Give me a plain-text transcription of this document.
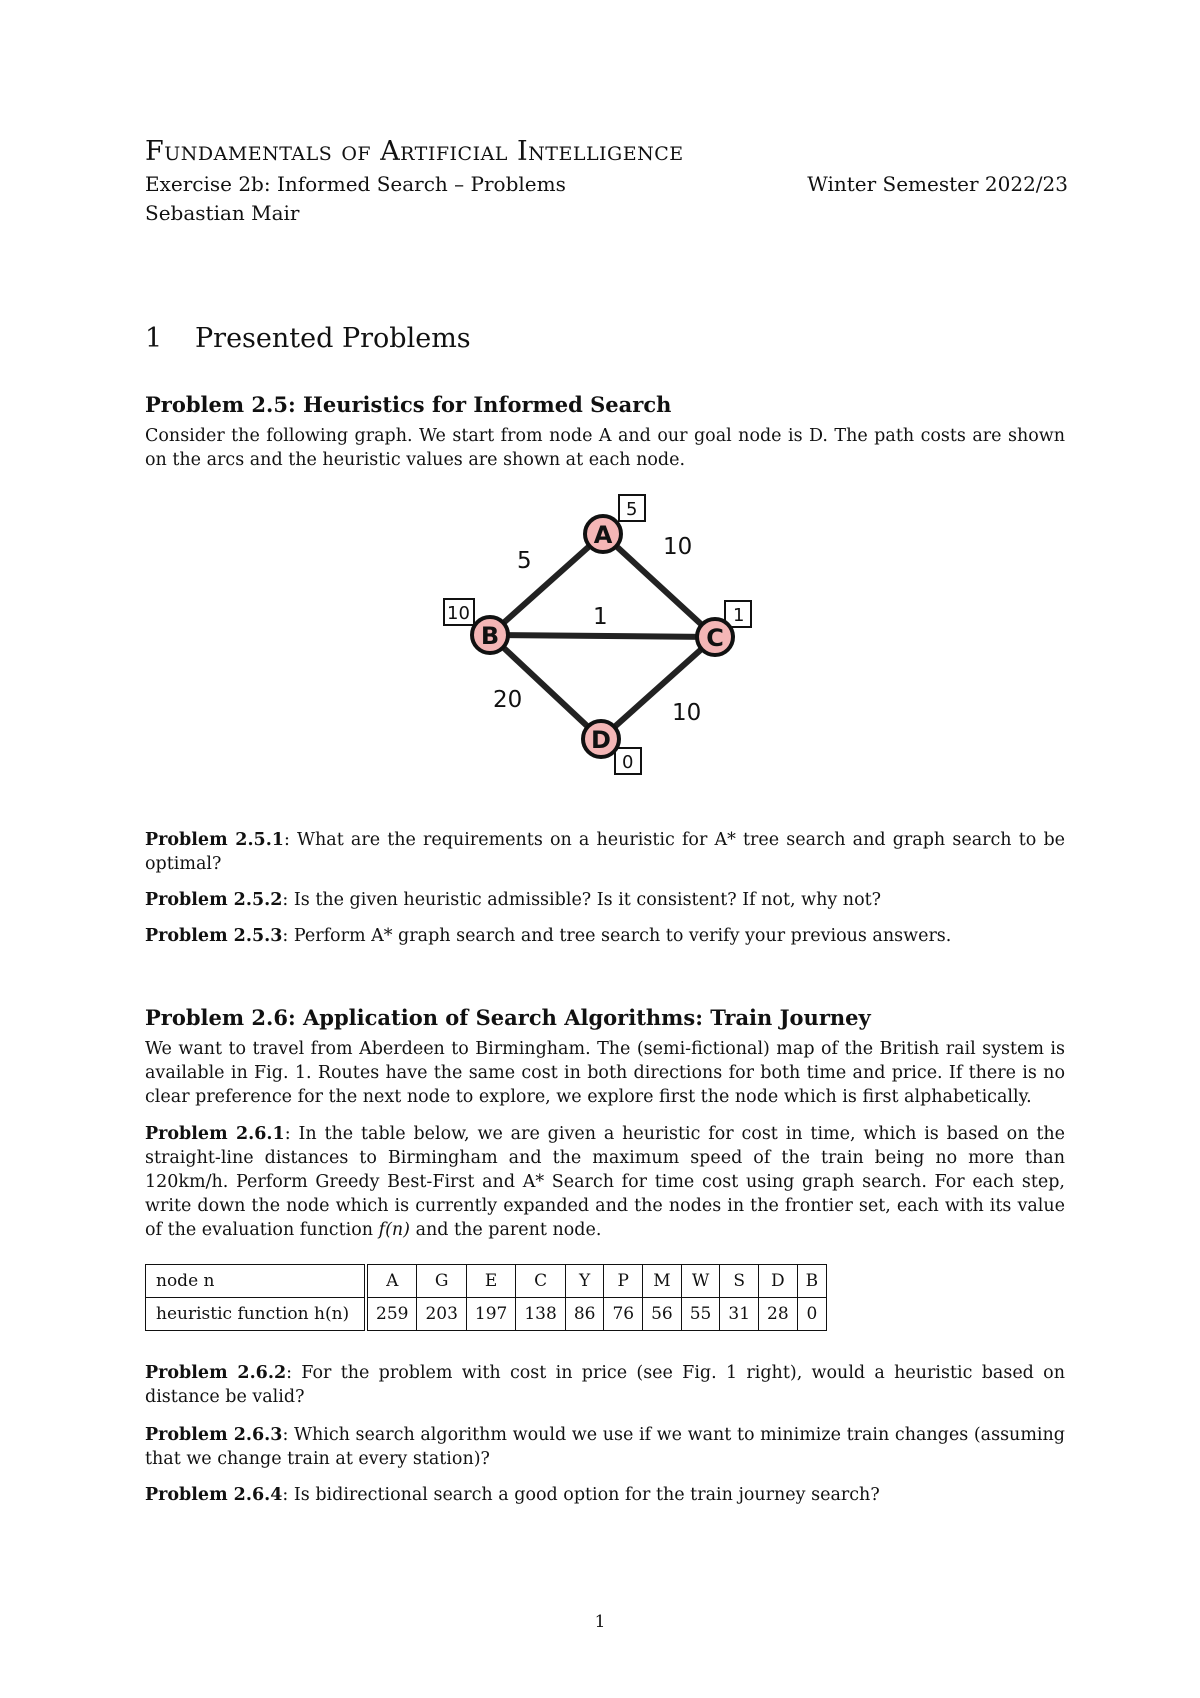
Fundamentals of Artificial Intelligence
Exercise 2b: Informed Search – Problems	Winter Semester 2022/23
Sebastian Mair
1 Presented Problems
Problem 2.5: Heuristics for Informed Search
Consider the following graph. We start from node A and our goal node is D. The path costs are shown on the arcs and the heuristic values are shown at each node.
5
10
1
20	10
5
10	1
0
A
B	C
D
Problem 2.5.1: What are the requirements on a heuristic for A* tree search and graph search to be optimal?
Problem 2.5.2: Is the given heuristic admissible? Is it consistent? If not, why not?
Problem 2.5.3: Perform A* graph search and tree search to verify your previous answers.
Problem 2.6: Application of Search Algorithms: Train Journey
We want to travel from Aberdeen to Birmingham. The (semi-fictional) map of the British rail system is available in Fig. 1. Routes have the same cost in both directions for both time and price. If there is no clear preference for the next node to explore, we explore first the node which is first alphabetically.
Problem 2.6.1: In the table below, we are given a heuristic for cost in time, which is based on the straight-line distances to Birmingham and the maximum speed of the train being no more than 120km/h. Perform Greedy Best-First and A* Search for time cost using graph search. For each step, write down the node which is currently expanded and the nodes in the frontier set, each with its value of the evaluation function f(n) and the parent node.
node n	A	G	E	C	Y	P	M	W	S	D	B
heuristic function h(n)	259	203	197	138	86	76	56	55	31	28	0
Problem 2.6.2: For the problem with cost in price (see Fig. 1 right), would a heuristic based on distance be valid?
Problem 2.6.3: Which search algorithm would we use if we want to minimize train changes (assuming that we change train at every station)?
Problem 2.6.4: Is bidirectional search a good option for the train journey search?
1
